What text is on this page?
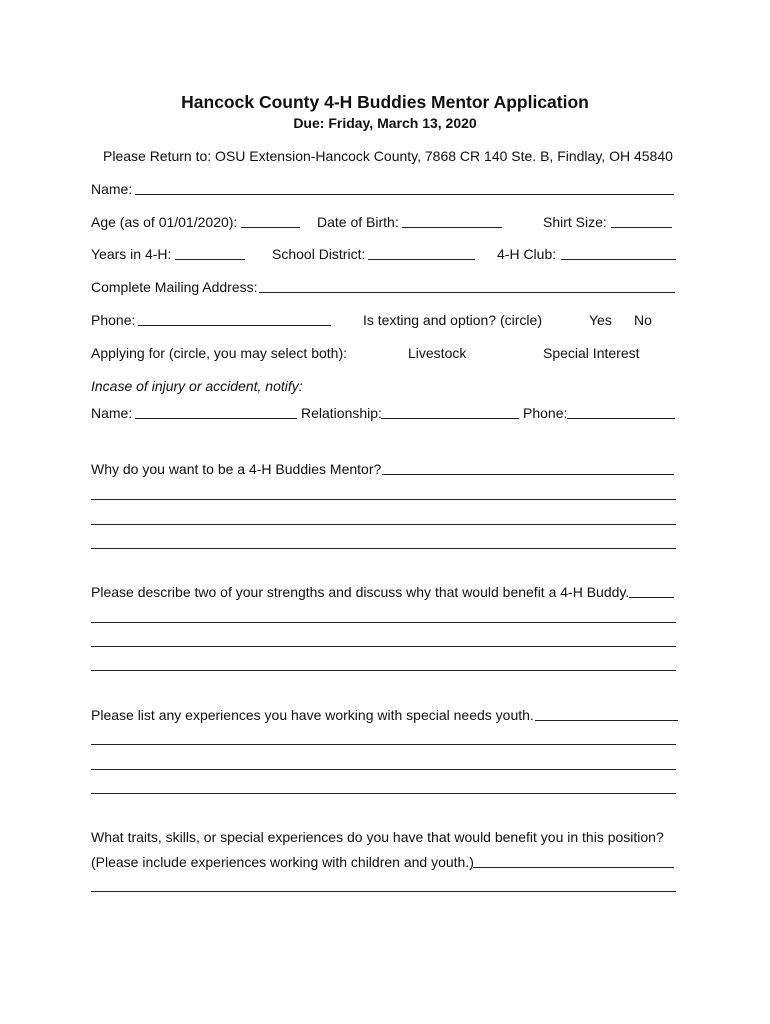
Hancock County 4-H Buddies Mentor Application
Due: Friday, March 13, 2020
Please Return to: OSU Extension-Hancock County, 7868 CR 140 Ste. B, Findlay, OH 45840
Name:
Age (as of 01/01/2020):	Date of Birth:	Shirt Size:
Years in 4-H:	School District:	4-H Club:
Complete Mailing Address:
Phone:	Is texting and option? (circle)	Yes No
Applying for (circle, you may select both):	Livestock	Special Interest
Incase of injury or accident, notify:
Name:	Relationship:	Phone:
Why do you want to be a 4-H Buddies Mentor?
Please describe two of your strengths and discuss why that would benefit a 4-H Buddy.
Please list any experiences you have working with special needs youth.
What traits, skills, or special experiences do you have that would benefit you in this position?
(Please include experiences working with children and youth.)
